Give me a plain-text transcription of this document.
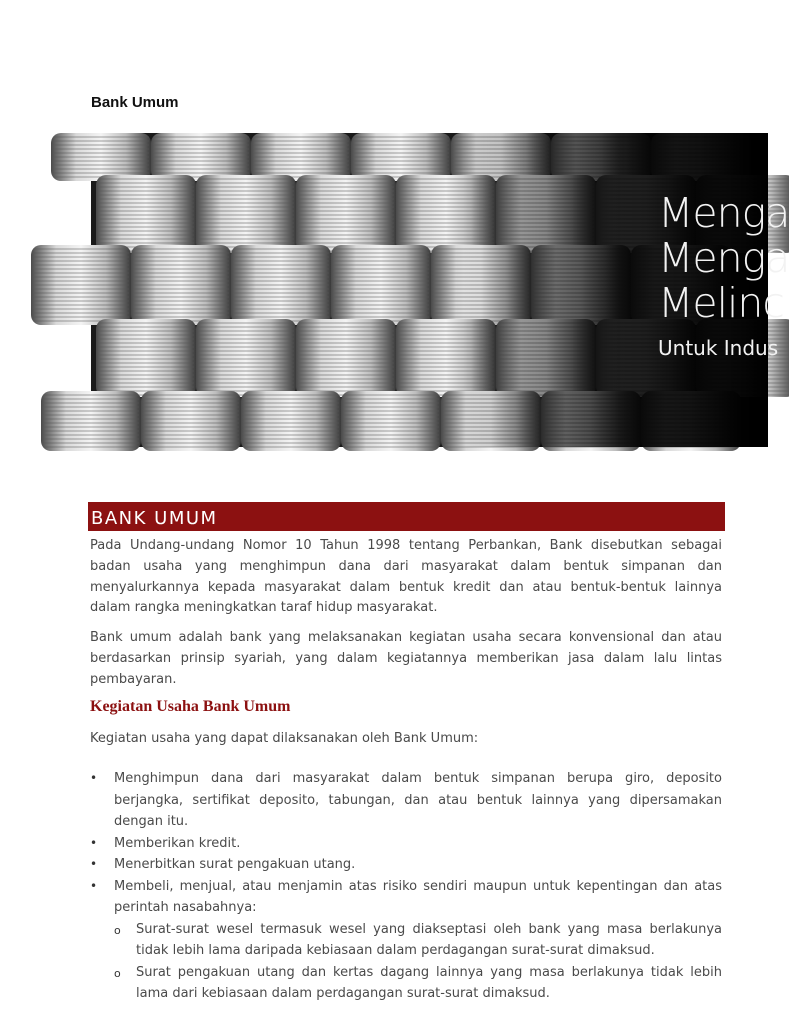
Bank Umum
Menga
Menga
Melinc
Untuk Indus
BANK UMUM
Pada Undang-undang Nomor 10 Tahun 1998 tentang Perbankan, Bank disebutkan sebagai badan usaha yang menghimpun dana dari masyarakat dalam bentuk simpanan dan menyalurkannya kepada masyarakat dalam bentuk kredit dan atau bentuk-bentuk lainnya dalam rangka meningkatkan taraf hidup masyarakat.
Bank umum adalah bank yang melaksanakan kegiatan usaha secara konvensional dan atau berdasarkan prinsip syariah, yang dalam kegiatannya memberikan jasa dalam lalu lintas pembayaran.
Kegiatan Usaha Bank Umum
Kegiatan usaha yang dapat dilaksanakan oleh Bank Umum:
• Menghimpun dana dari masyarakat dalam bentuk simpanan berupa giro, deposito berjangka, sertifikat deposito, tabungan, dan atau bentuk lainnya yang dipersamakan dengan itu.
• Memberikan kredit.
• Menerbitkan surat pengakuan utang.
• Membeli, menjual, atau menjamin atas risiko sendiri maupun untuk kepentingan dan atas perintah nasabahnya:
o Surat-surat wesel termasuk wesel yang diakseptasi oleh bank yang masa berlakunya tidak lebih lama daripada kebiasaan dalam perdagangan surat-surat dimaksud.
o Surat pengakuan utang dan kertas dagang lainnya yang masa berlakunya tidak lebih lama dari kebiasaan dalam perdagangan surat-surat dimaksud.
